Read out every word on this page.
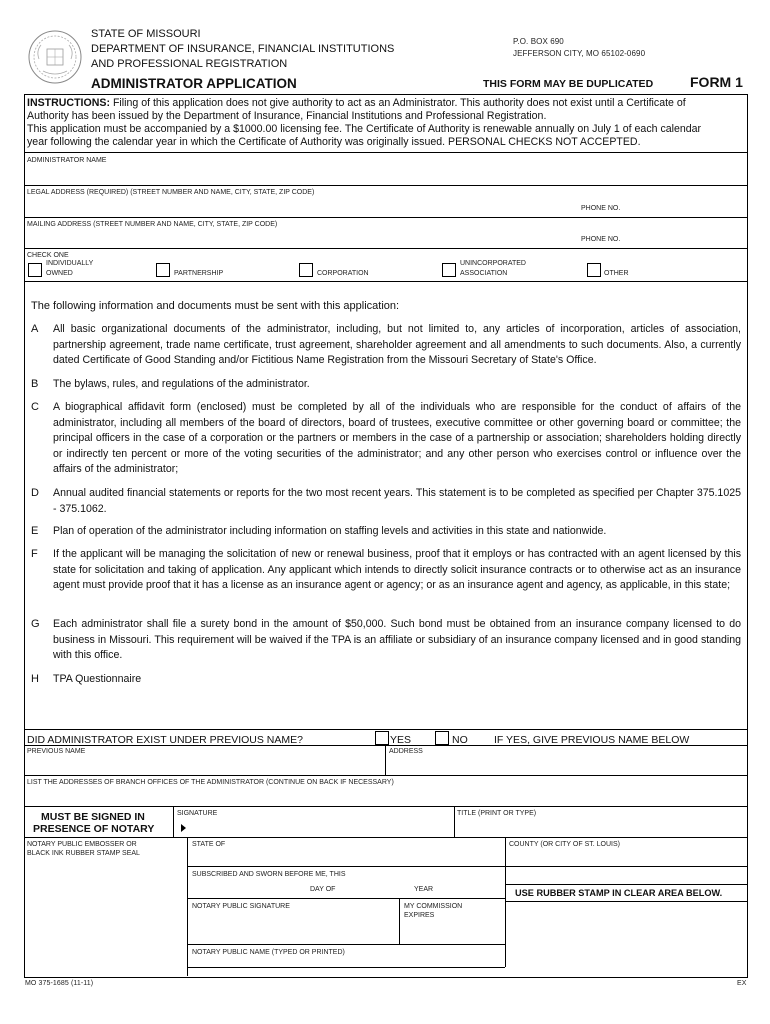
STATE OF MISSOURI
DEPARTMENT OF INSURANCE, FINANCIAL INSTITUTIONS
AND PROFESSIONAL REGISTRATION
ADMINISTRATOR APPLICATION
P.O. BOX 690
JEFFERSON CITY, MO 65102-0690
THIS FORM MAY BE DUPLICATED	FORM 1
INSTRUCTIONS: Filing of this application does not give authority to act as an Administrator. This authority does not exist until a Certificate of
Authority has been issued by the Department of Insurance, Financial Institutions and Professional Registration.
This application must be accompanied by a $1000.00 licensing fee. The Certificate of Authority is renewable annually on July 1 of each calendar
year following the calendar year in which the Certificate of Authority was originally issued. PERSONAL CHECKS NOT ACCEPTED.
ADMINISTRATOR NAME
LEGAL ADDRESS (REQUIRED) (STREET NUMBER AND NAME, CITY, STATE, ZIP CODE)
PHONE NO.
MAILING ADDRESS (STREET NUMBER AND NAME, CITY, STATE, ZIP CODE)
PHONE NO.
CHECK ONE
INDIVIDUALLY
OWNED	PARTNERSHIP	CORPORATION
UNINCORPORATED
ASSOCIATION	OTHER
The following information and documents must be sent with this application:
A All basic organizational documents of the administrator, including, but not limited to, any articles of incorporation, articles of association, partnership agreement, trade name certificate, trust agreement, shareholder agreement and all amendments to such documents. Also, a currently dated Certificate of Good Standing and/or Fictitious Name Registration from the Missouri Secretary of State's Office.
B The bylaws, rules, and regulations of the administrator.
C A biographical affidavit form (enclosed) must be completed by all of the individuals who are responsible for the conduct of affairs of the administrator, including all members of the board of directors, board of trustees, executive committee or other governing board or committee; the principal officers in the case of a corporation or the partners or members in the case of a partnership or association; shareholders holding directly or indirectly ten percent or more of the voting securities of the administrator; and any other person who exercises control or influence over the affairs of the administrator;
D Annual audited financial statements or reports for the two most recent years. This statement is to be completed as specified per Chapter 375.1025 - 375.1062.
E Plan of operation of the administrator including information on staffing levels and activities in this state and nationwide.
F If the applicant will be managing the solicitation of new or renewal business, proof that it employs or has contracted with an agent licensed by this state for solicitation and taking of application. Any applicant which intends to directly solicit insurance contracts or to otherwise act as an insurance agent must provide proof that it has a license as an insurance agent or agency; or as an insurance agent and agency, as applicable, in this state;
G Each administrator shall file a surety bond in the amount of $50,000. Such bond must be obtained from an insurance company licensed to do business in Missouri. This requirement will be waived if the TPA is an affiliate or subsidiary of an insurance company licensed and in good standing with this office.
H TPA Questionnaire
DID ADMINISTRATOR EXIST UNDER PREVIOUS NAME?	YES	NO	IF YES, GIVE PREVIOUS NAME BELOW
PREVIOUS NAME	ADDRESS
LIST THE ADDRESSES OF BRANCH OFFICES OF THE ADMINISTRATOR (CONTINUE ON BACK IF NECESSARY)
MUST BE SIGNED IN
PRESENCE OF NOTARY
SIGNATURE	TITLE (PRINT OR TYPE)
NOTARY PUBLIC EMBOSSER OR
BLACK INK RUBBER STAMP SEAL
STATE OF	COUNTY (OR CITY OF ST. LOUIS)
SUBSCRIBED AND SWORN BEFORE ME, THIS
DAY OF	YEAR	USE RUBBER STAMP IN CLEAR AREA BELOW.
NOTARY PUBLIC SIGNATURE	MY COMMISSION
EXPIRES
NOTARY PUBLIC NAME (TYPED OR PRINTED)
MO 375-1685 (11-11)	EX
